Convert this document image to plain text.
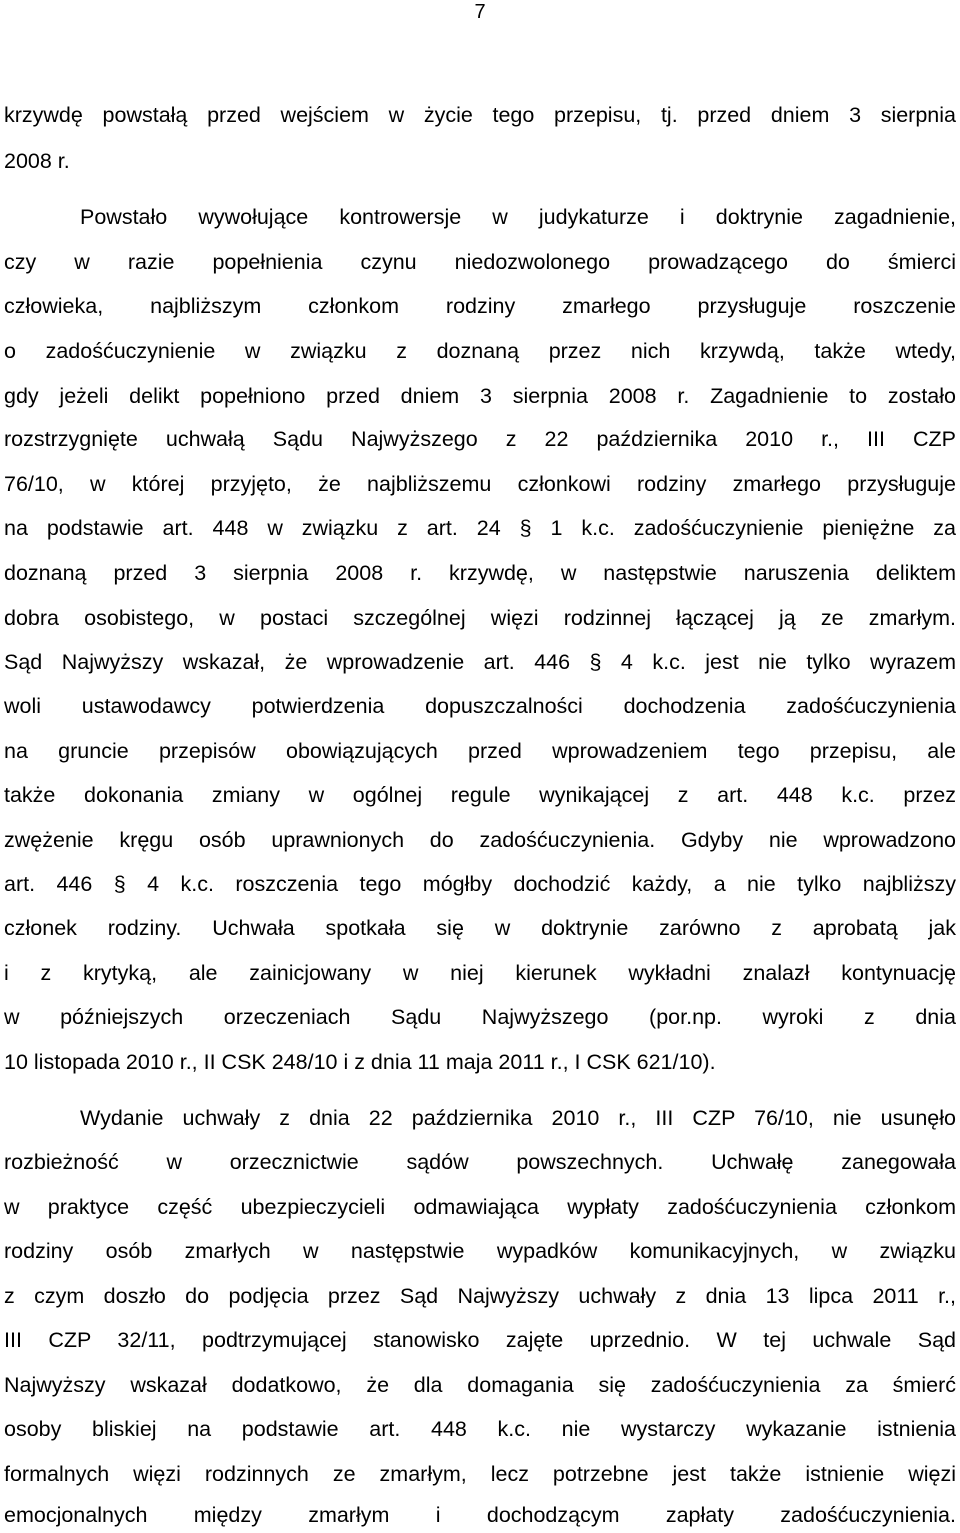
7
krzywdę powstałą przed wejściem w życie tego przepisu, tj. przed dniem 3 sierpnia
2008 r.
Powstało wywołujące kontrowersje w judykaturze i doktrynie zagadnienie,
czy w razie popełnienia czynu niedozwolonego prowadzącego do śmierci
człowieka, najbliższym członkom rodziny zmarłego przysługuje roszczenie
o zadośćuczynienie w związku z doznaną przez nich krzywdą, także wtedy,
gdy jeżeli delikt popełniono przed dniem 3 sierpnia 2008 r. Zagadnienie to zostało
rozstrzygnięte uchwałą Sądu Najwyższego z 22 października 2010 r., III CZP
76/10, w której przyjęto, że najbliższemu członkowi rodziny zmarłego przysługuje
na podstawie art. 448 w związku z art. 24 § 1 k.c. zadośćuczynienie pieniężne za
doznaną przed 3 sierpnia 2008 r. krzywdę, w następstwie naruszenia deliktem
dobra osobistego, w postaci szczególnej więzi rodzinnej łączącej ją ze zmarłym.
Sąd Najwyższy wskazał, że wprowadzenie art. 446 § 4 k.c. jest nie tylko wyrazem
woli ustawodawcy potwierdzenia dopuszczalności dochodzenia zadośćuczynienia
na gruncie przepisów obowiązujących przed wprowadzeniem tego przepisu, ale
także dokonania zmiany w ogólnej regule wynikającej z art. 448 k.c. przez
zwężenie kręgu osób uprawnionych do zadośćuczynienia. Gdyby nie wprowadzono
art. 446 § 4 k.c. roszczenia tego mógłby dochodzić każdy, a nie tylko najbliższy
członek rodziny. Uchwała spotkała się w doktrynie zarówno z aprobatą jak
i z krytyką, ale zainicjowany w niej kierunek wykładni znalazł kontynuację
w późniejszych orzeczeniach Sądu Najwyższego (por.np. wyroki z dnia
10 listopada 2010 r., II CSK 248/10 i z dnia 11 maja 2011 r., I CSK 621/10).
Wydanie uchwały z dnia 22 października 2010 r., III CZP 76/10, nie usunęło
rozbieżność w orzecznictwie sądów powszechnych. Uchwałę zanegowała
w praktyce część ubezpieczycieli odmawiająca wypłaty zadośćuczynienia członkom
rodziny osób zmarłych w następstwie wypadków komunikacyjnych, w związku
z czym doszło do podjęcia przez Sąd Najwyższy uchwały z dnia 13 lipca 2011 r.,
III CZP 32/11, podtrzymującej stanowisko zajęte uprzednio. W tej uchwale Sąd
Najwyższy wskazał dodatkowo, że dla domagania się zadośćuczynienia za śmierć
osoby bliskiej na podstawie art. 448 k.c. nie wystarczy wykazanie istnienia
formalnych więzi rodzinnych ze zmarłym, lecz potrzebne jest także istnienie więzi
emocjonalnych między zmarłym i dochodzącym zapłaty zadośćuczynienia.
